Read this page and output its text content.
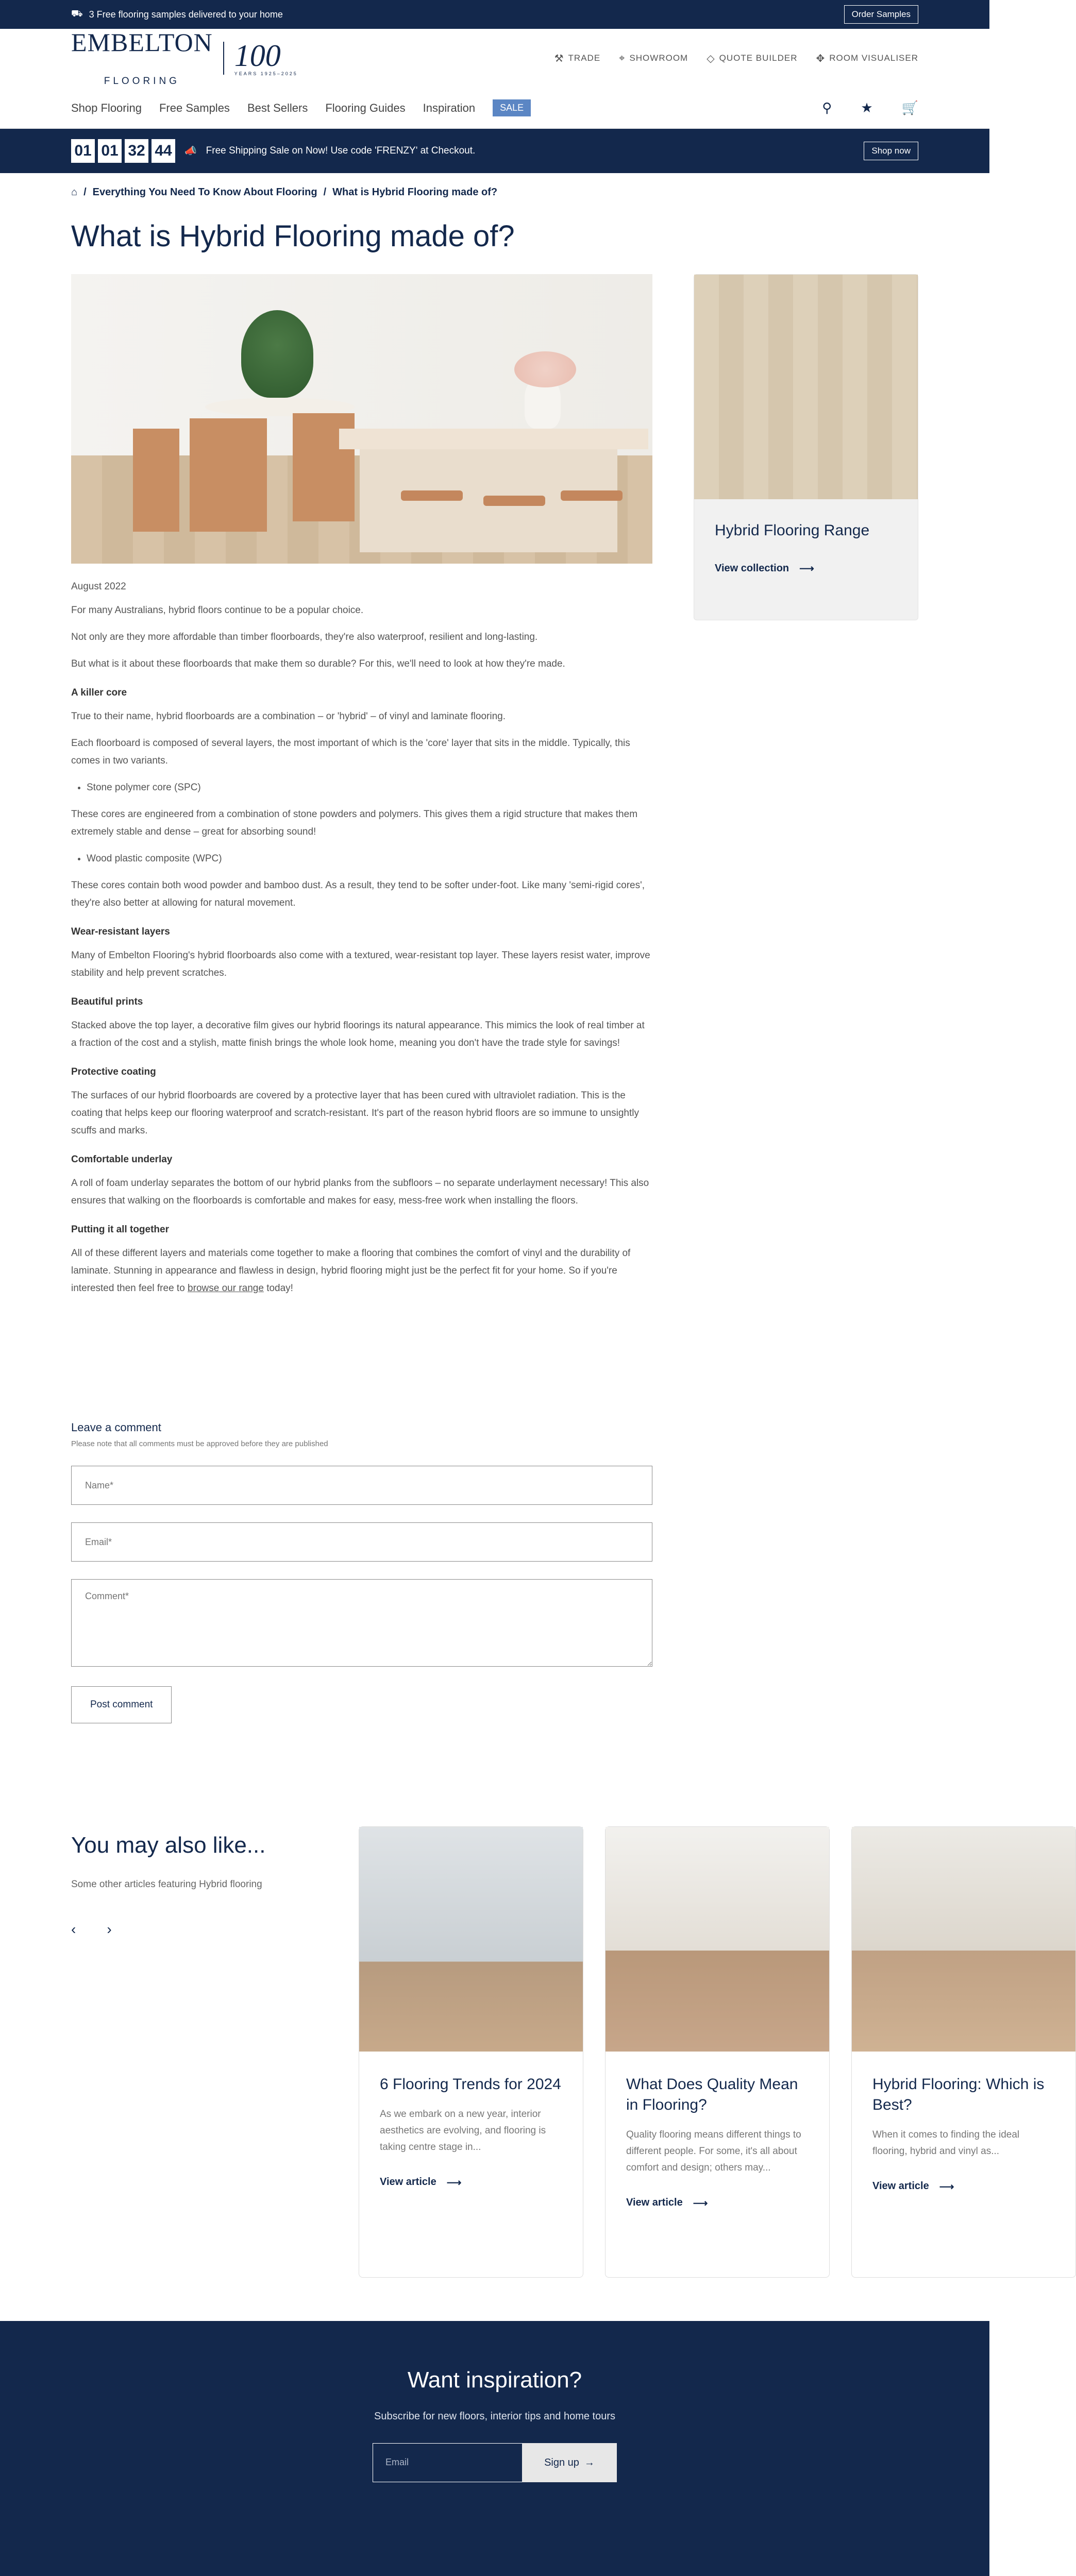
⛟ 3 Free flooring samples delivered to your home	Order Samples
EMBELTON
FLOORING
100
YEARS 1925–2025
⚒ TRADE ⌖ SHOWROOM ◇ QUOTE BUILDER ✥ ROOM VISUALISER
Shop Flooring Free Samples Best Sellers Flooring Guides Inspiration	SALE	⚲ ★ 🛒
01 01 32 44	📣 Free Shipping Sale on Now! Use code 'FRENZY' at Checkout.	Shop now
⌂ / Everything You Need To Know About Flooring / What is Hybrid Flooring made of?
What is Hybrid Flooring made of?
August 2022

For many Australians, hybrid floors continue to be a popular choice.

Not only are they more affordable than timber floorboards, they're also waterproof, resilient and long-lasting.

But what is it about these floorboards that make them so durable? For this, we'll need to look at how they're made.

A killer core

True to their name, hybrid floorboards are a combination – or 'hybrid' – of vinyl and laminate flooring.

Each floorboard is composed of several layers, the most important of which is the 'core' layer that sits in the middle. Typically, this comes in two variants.

• Stone polymer core (SPC)

These cores are engineered from a combination of stone powders and polymers. This gives them a rigid structure that makes them extremely stable and dense – great for absorbing sound!

• Wood plastic composite (WPC)

These cores contain both wood powder and bamboo dust. As a result, they tend to be softer under-foot. Like many 'semi-rigid cores', they're also better at allowing for natural movement.

Wear-resistant layers

Many of Embelton Flooring's hybrid floorboards also come with a textured, wear-resistant top layer. These layers resist water, improve stability and help prevent scratches.

Beautiful prints

Stacked above the top layer, a decorative film gives our hybrid floorings its natural appearance. This mimics the look of real timber at a fraction of the cost and a stylish, matte finish brings the whole look home, meaning you don't have the trade style for savings!

Protective coating

The surfaces of our hybrid floorboards are covered by a protective layer that has been cured with ultraviolet radiation. This is the coating that helps keep our flooring waterproof and scratch-resistant. It's part of the reason hybrid floors are so immune to unsightly scuffs and marks.

Comfortable underlay

A roll of foam underlay separates the bottom of our hybrid planks from the subfloors – no separate underlayment necessary! This also ensures that walking on the floorboards is comfortable and makes for easy, mess-free work when installing the floors.

Putting it all together

All of these different layers and materials come together to make a flooring that combines the comfort of vinyl and the durability of laminate. Stunning in appearance and flawless in design, hybrid flooring might just be the perfect fit for your home. So if you're interested then feel free to browse our range today!

Hybrid Flooring Range
View collection ⟶
Leave a comment
Please note that all comments must be approved before they are published
Name*
Email*
Comment* Post comment
You may also like...

Some other articles featuring Hybrid flooring

‹ ›
6 Flooring Trends for 2024

As we embark on a new year, interior aesthetics are evolving, and flooring is taking centre stage in...

View article ⟶
What Does Quality Mean in Flooring?

Quality flooring means different things to different people. For some, it's all about comfort and design; others may...

View article ⟶
Hybrid Flooring: Which is Best?

When it comes to finding the ideal flooring, hybrid and vinyl as...

View article ⟶
Want inspiration?

Subscribe for new floors, interior tips and home tours

Email	Sign up →
